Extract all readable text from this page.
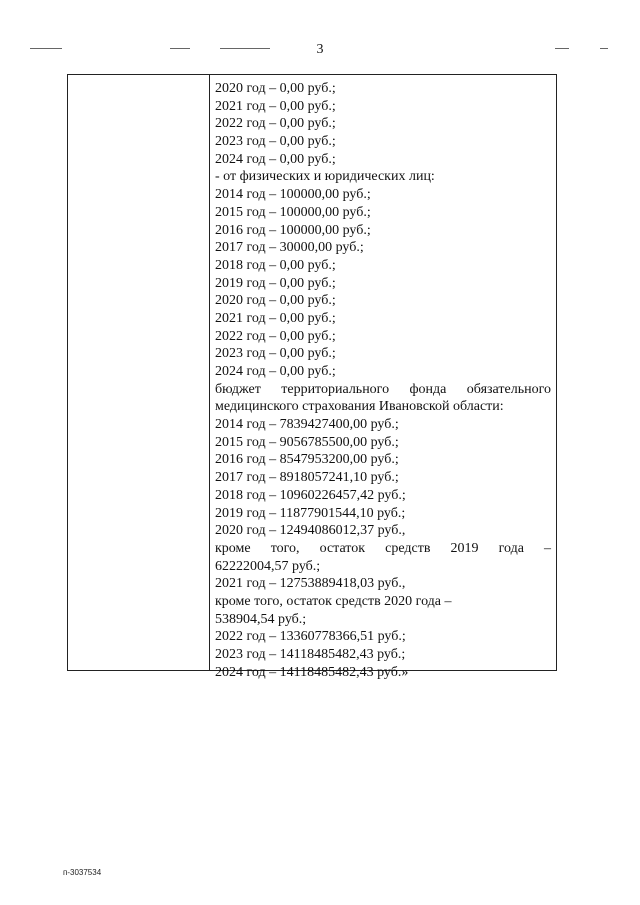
3
2020 год – 0,00 руб.;
2021 год – 0,00 руб.;
2022 год – 0,00 руб.;
2023 год – 0,00 руб.;
2024 год – 0,00 руб.;
- от физических и юридических лиц:
2014 год – 100000,00 руб.;
2015 год – 100000,00 руб.;
2016 год – 100000,00 руб.;
2017 год – 30000,00 руб.;
2018 год – 0,00 руб.;
2019 год – 0,00 руб.;
2020 год – 0,00 руб.;
2021 год – 0,00 руб.;
2022 год – 0,00 руб.;
2023 год – 0,00 руб.;
2024 год – 0,00 руб.;
бюджет территориального фонда обязательного
медицинского страхования Ивановской области:
2014 год – 7839427400,00 руб.;
2015 год – 9056785500,00 руб.;
2016 год – 8547953200,00 руб.;
2017 год – 8918057241,10 руб.;
2018 год – 10960226457,42 руб.;
2019 год – 11877901544,10 руб.;
2020 год – 12494086012,37 руб.,
кроме того, остаток средств 2019 года –
62222004,57 руб.;
2021 год – 12753889418,03 руб.,
кроме того, остаток средств 2020 года –
538904,54 руб.;
2022 год – 13360778366,51 руб.;
2023 год – 14118485482,43 руб.;
2024 год – 14118485482,43 руб.»
п-3037534
